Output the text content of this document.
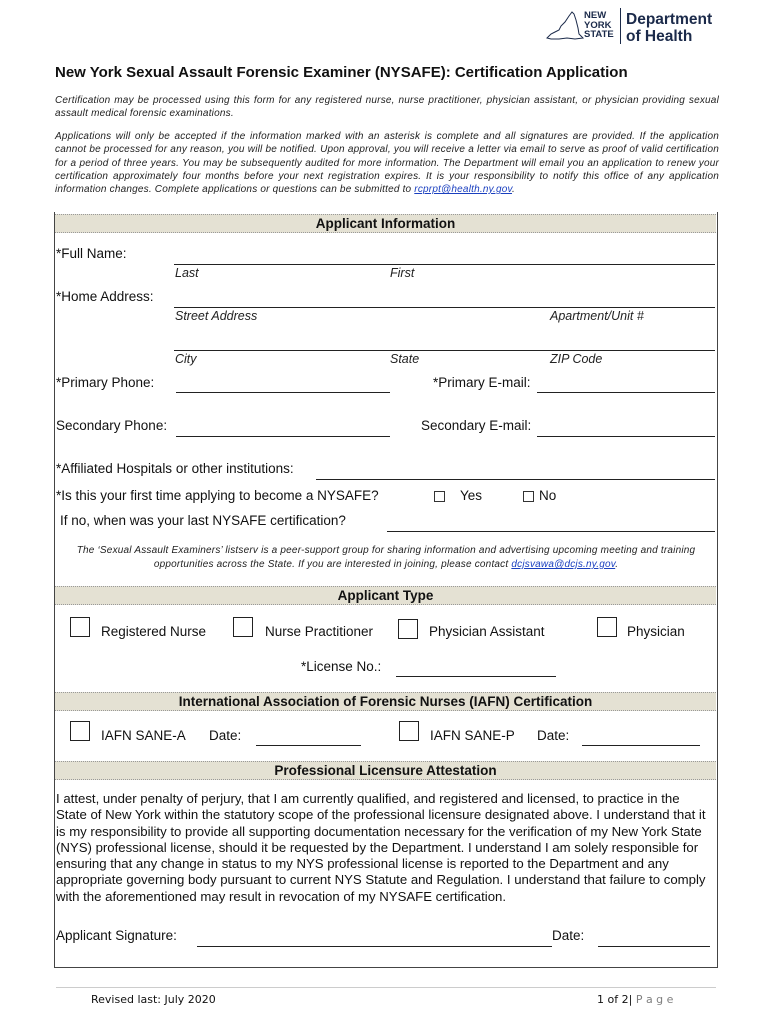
NEW
YORK
STATE
Department
of Health
New York Sexual Assault Forensic Examiner (NYSAFE): Certification Application
Certification may be processed using this form for any registered nurse, nurse practitioner, physician assistant, or physician providing sexual assault medical forensic examinations.
Applications will only be accepted if the information marked with an asterisk is complete and all signatures are provided. If the application cannot be processed for any reason, you will be notified. Upon approval, you will receive a letter via email to serve as proof of valid certification for a period of three years. You may be subsequently audited for more information. The Department will email you an application to renew your certification approximately four months before your next registration expires. It is your responsibility to notify this office of any application information changes. Complete applications or questions can be submitted to rcprpt@health.ny.gov.
Applicant Information
*Full Name:
Last	First
*Home Address:
Street Address	Apartment/Unit #
City	State	ZIP Code
*Primary Phone:	*Primary E-mail:
Secondary Phone:	Secondary E-mail:
*Affiliated Hospitals or other institutions:
*Is this your first time applying to become a NYSAFE?	Yes	No
If no, when was your last NYSAFE certification?
The ‘Sexual Assault Examiners’ listserv is a peer-support group for sharing information and advertising upcoming meeting and training opportunities across the State. If you are interested in joining, please contact dcjsvawa@dcjs.ny.gov.
Applicant Type
Registered Nurse	Nurse Practitioner	Physician Assistant	Physician
*License No.:
International Association of Forensic Nurses (IAFN) Certification
IAFN SANE-A Date:	IAFN SANE-P Date:
Professional Licensure Attestation
I attest, under penalty of perjury, that I am currently qualified, and registered and licensed, to practice in the State of New York within the statutory scope of the professional licensure designated above. I understand that it is my responsibility to provide all supporting documentation necessary for the verification of my New York State (NYS) professional license, should it be requested by the Department. I understand I am solely responsible for ensuring that any change in status to my NYS professional license is reported to the Department and any appropriate governing body pursuant to current NYS Statute and Regulation. I understand that failure to comply with the aforementioned may result in revocation of my NYSAFE certification.
Applicant Signature:	Date:
Revised last: July 2020	1 of 2| P a g e
